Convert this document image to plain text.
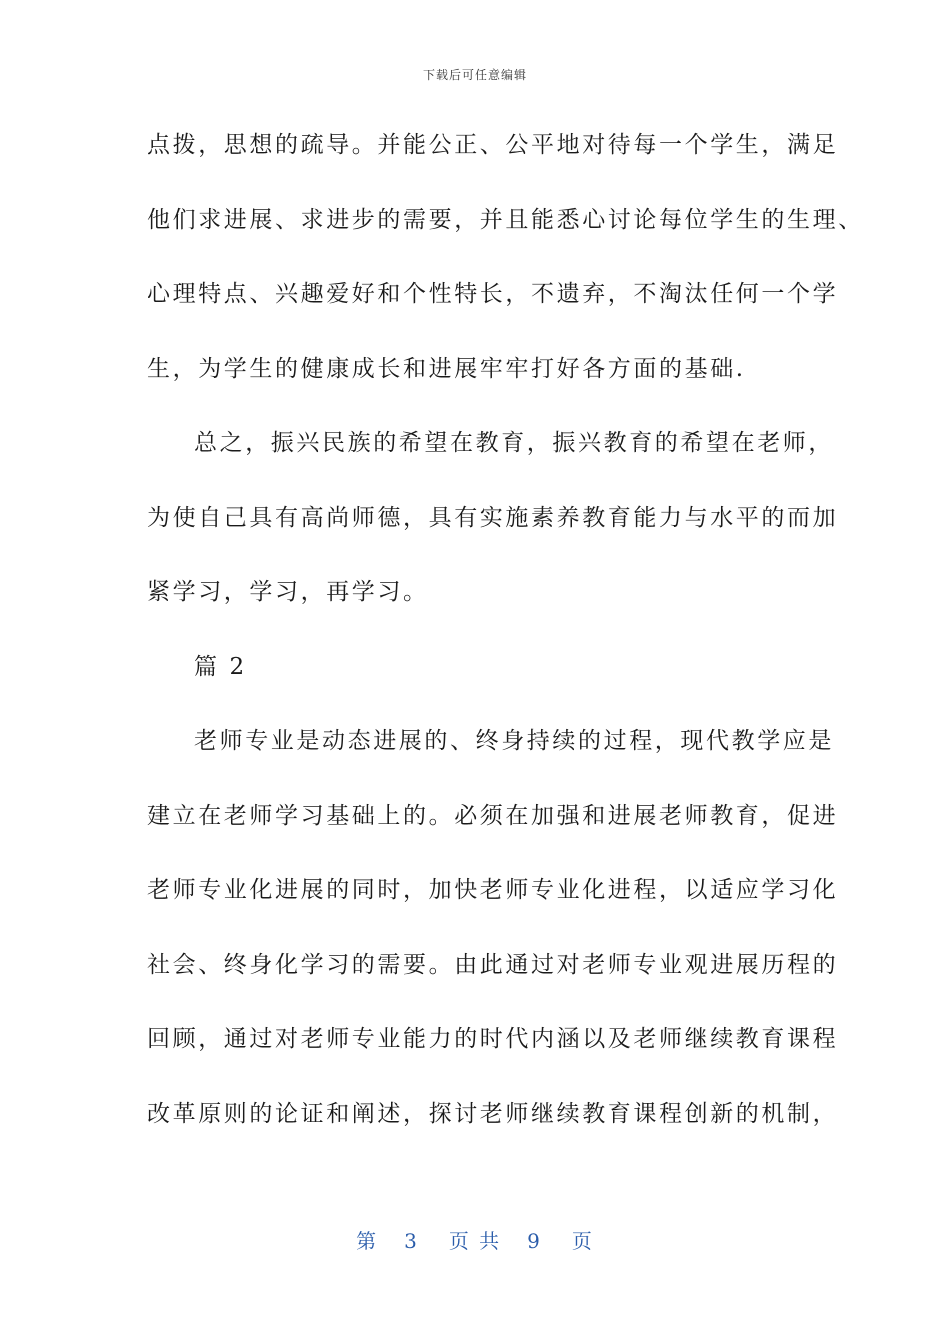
下载后可任意编辑
点拨，思想的疏导。并能公正、公平地对待每一个学生，满足
他们求进展、求进步的需要，并且能悉心讨论每位学生的生理、
心理特点、兴趣爱好和个性特长，不遗弃，不淘汰任何一个学
生，为学生的健康成长和进展牢牢打好各方面的基础.
总之，振兴民族的希望在教育，振兴教育的希望在老师，
为使自己具有高尚师德，具有实施素养教育能力与水平的而加
紧学习，学习，再学习。
篇 2
老师专业是动态进展的、终身持续的过程，现代教学应是
建立在老师学习基础上的。必须在加强和进展老师教育，促进
老师专业化进展的同时，加快老师专业化进程，以适应学习化
社会、终身化学习的需要。由此通过对老师专业观进展历程的
回顾，通过对老师专业能力的时代内涵以及老师继续教育课程
改革原则的论证和阐述，探讨老师继续教育课程创新的机制，
第 3 页 共 9 页
